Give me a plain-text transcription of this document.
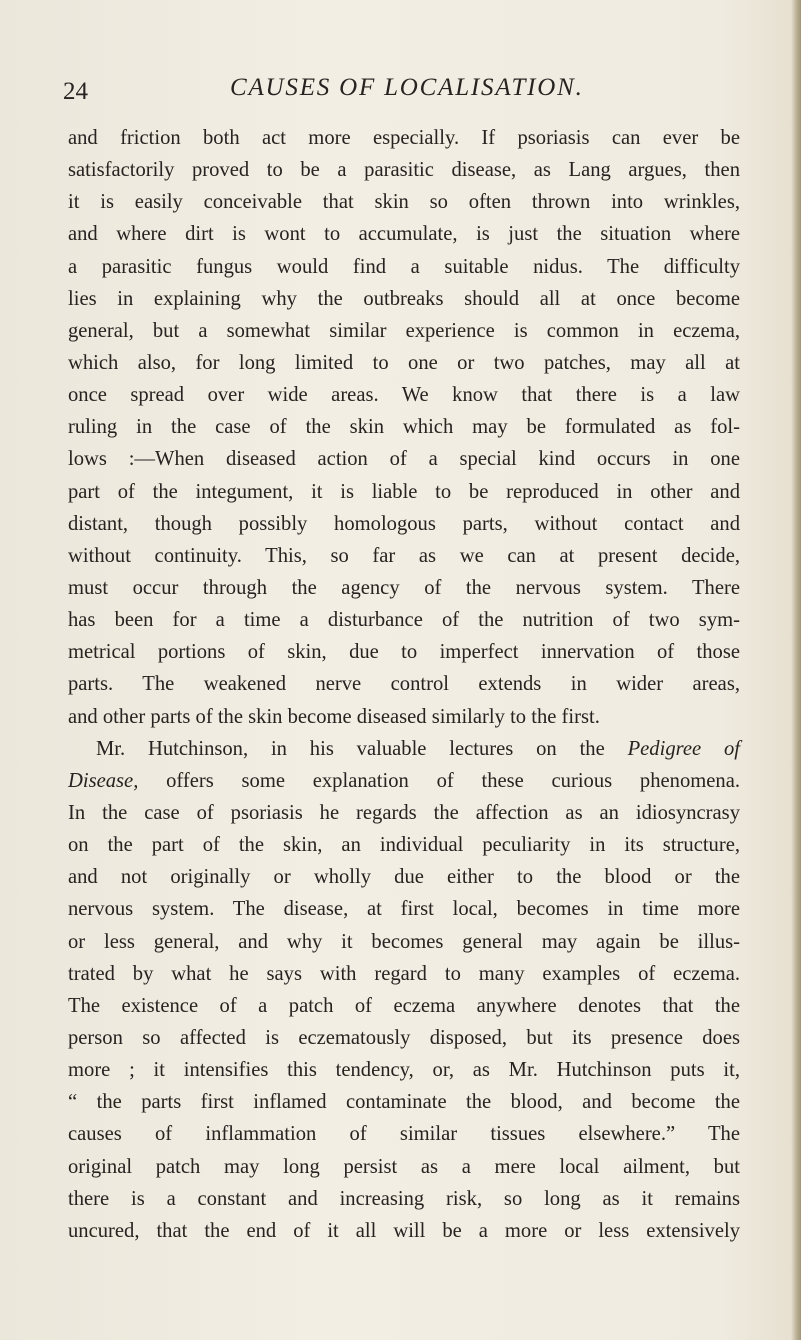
24	CAUSES OF LOCALISATION.
and friction both act more especially. If psoriasis can ever be
satisfactorily proved to be a parasitic disease, as Lang argues, then
it is easily conceivable that skin so often thrown into wrinkles,
and where dirt is wont to accumulate, is just the situation where
a parasitic fungus would find a suitable nidus. The difficulty
lies in explaining why the outbreaks should all at once become
general, but a somewhat similar experience is common in eczema,
which also, for long limited to one or two patches, may all at
once spread over wide areas. We know that there is a law
ruling in the case of the skin which may be formulated as fol-
lows :—When diseased action of a special kind occurs in one
part of the integument, it is liable to be reproduced in other and
distant, though possibly homologous parts, without contact and
without continuity. This, so far as we can at present decide,
must occur through the agency of the nervous system. There
has been for a time a disturbance of the nutrition of two sym-
metrical portions of skin, due to imperfect innervation of those
parts. The weakened nerve control extends in wider areas,
and other parts of the skin become diseased similarly to the first.
Mr. Hutchinson, in his valuable lectures on the Pedigree of
Disease, offers some explanation of these curious phenomena.
In the case of psoriasis he regards the affection as an idiosyncrasy
on the part of the skin, an individual peculiarity in its structure,
and not originally or wholly due either to the blood or the
nervous system. The disease, at first local, becomes in time more
or less general, and why it becomes general may again be illus-
trated by what he says with regard to many examples of eczema.
The existence of a patch of eczema anywhere denotes that the
person so affected is eczematously disposed, but its presence does
more ; it intensifies this tendency, or, as Mr. Hutchinson puts it,
“ the parts first inflamed contaminate the blood, and become the
causes of inflammation of similar tissues elsewhere.” The
original patch may long persist as a mere local ailment, but
there is a constant and increasing risk, so long as it remains
uncured, that the end of it all will be a more or less extensively
